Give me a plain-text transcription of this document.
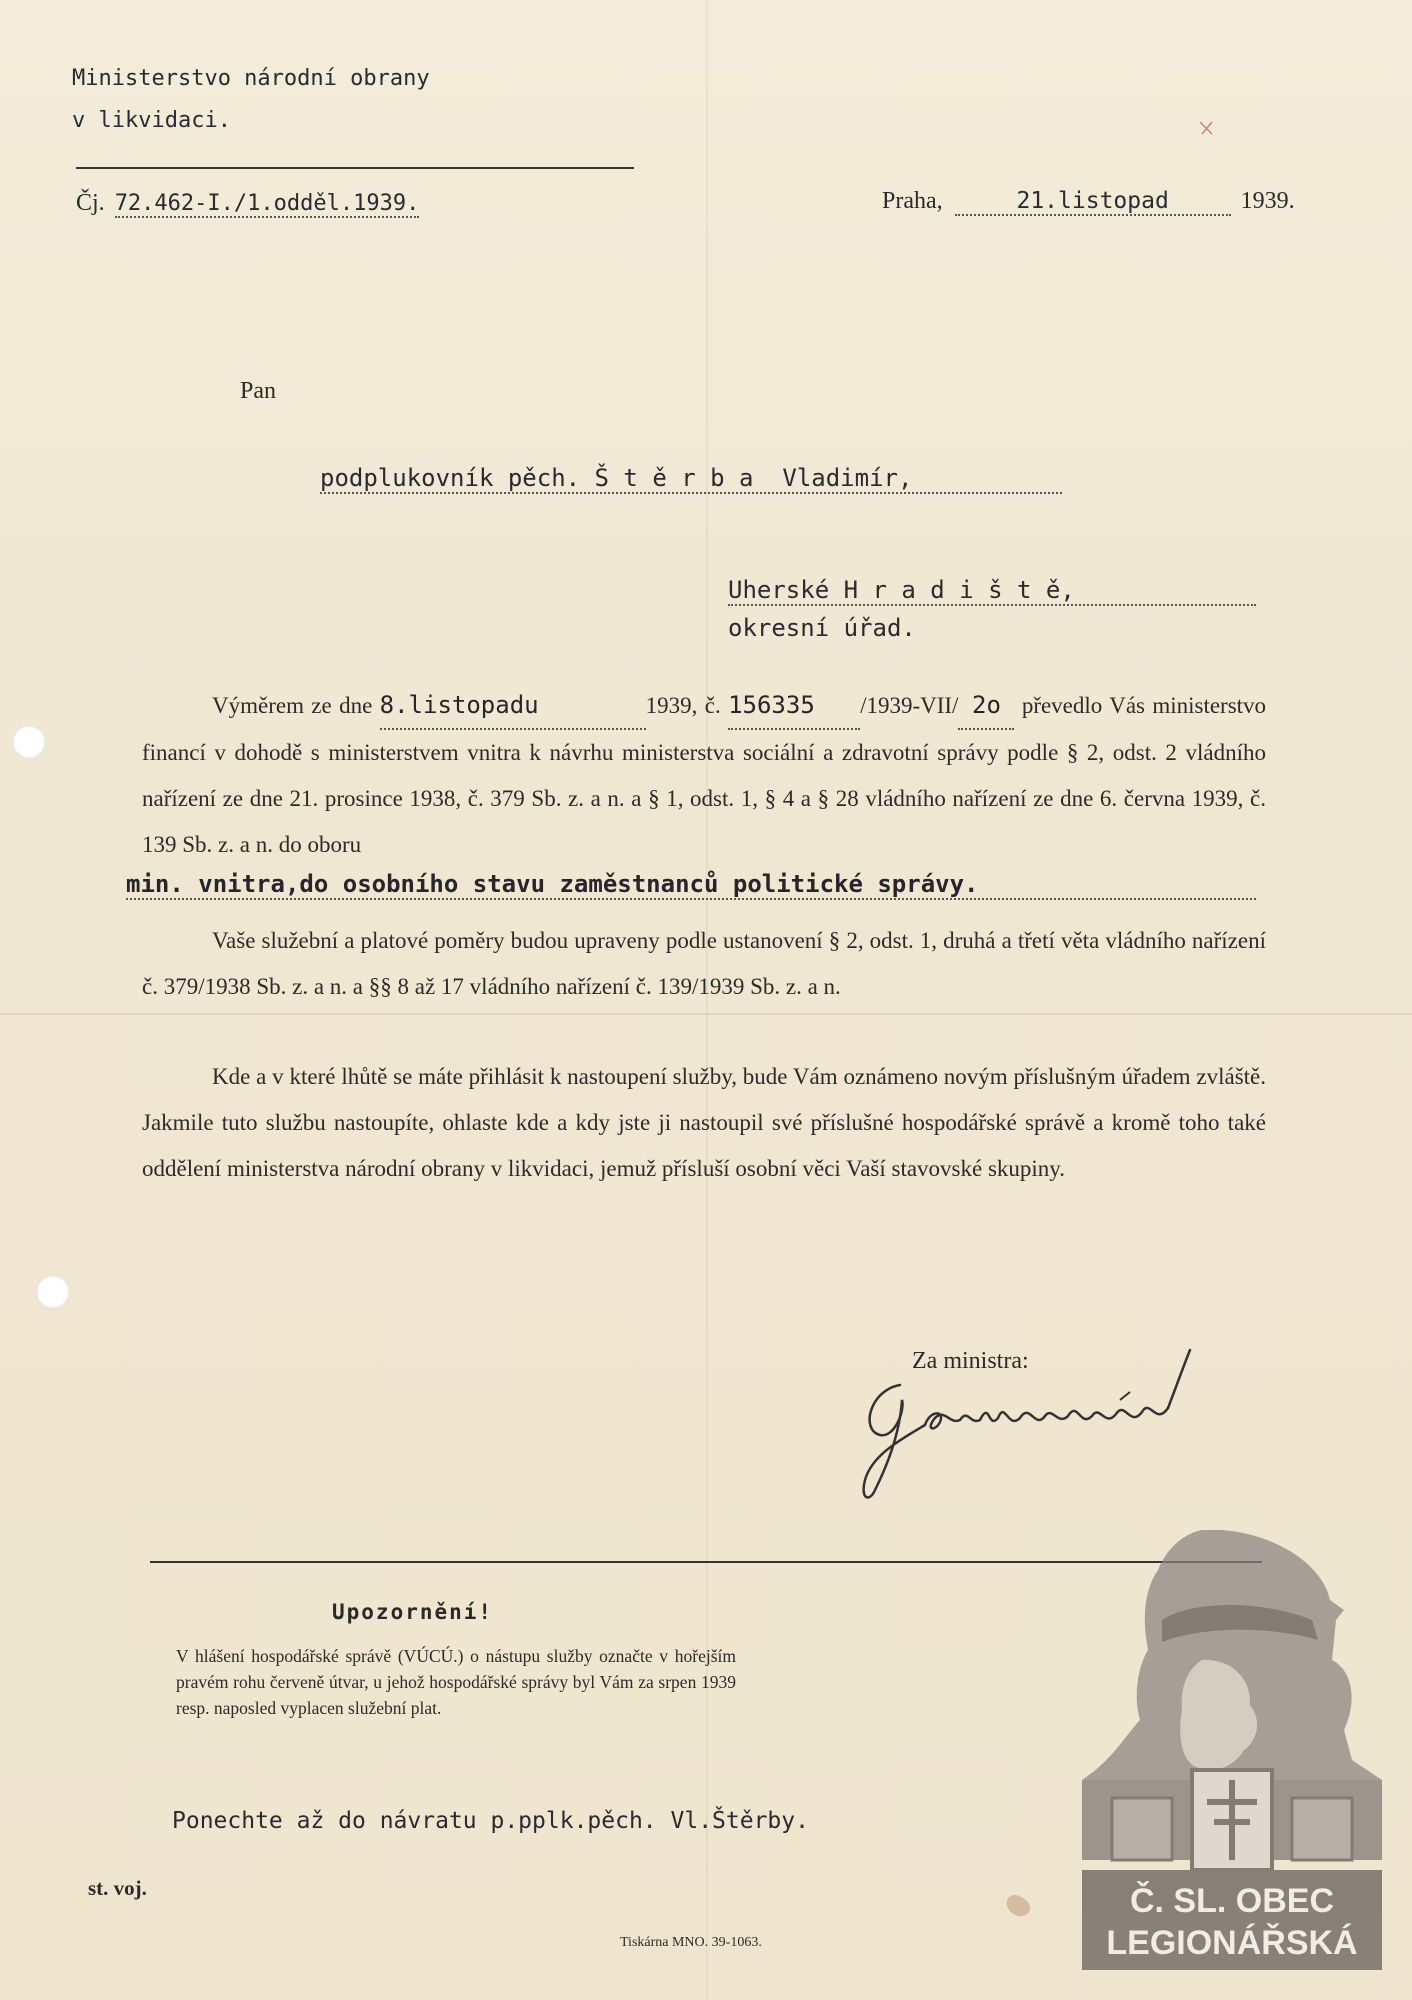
Ministerstvo národní obrany
v likvidaci.
Čj. 72.462-I./1.odděl.1939.	Praha,	21.listopad	1939.
Pan
podplukovník pěch. Š t ě r b a  Vladimír,
Uherské H r a d i š t ě,
okresní úřad.
Výměrem ze dne 8.listopadu	1939, č. 156335 /1939-VII/ 2o převedlo Vás ministerstvo financí v dohodě s ministerstvem vnitra k návrhu ministerstva sociální a zdravotní správy podle § 2, odst. 2 vládního nařízení ze dne 21. prosince 1938, č. 379 Sb. z. a n. a § 1, odst. 1, § 4 a § 28 vládního nařízení ze dne 6. června 1939, č. 139 Sb. z. a n. do oboru
min. vnitra,do osobního stavu zaměstnanců politické správy.
Vaše služební a platové poměry budou upraveny podle ustanovení § 2, odst. 1, druhá a třetí věta vládního nařízení č. 379/1938 Sb. z. a n. a §§ 8 až 17 vládního nařízení č. 139/1939 Sb. z. a n.
Kde a v které lhůtě se máte přihlásit k nastoupení služby, bude Vám oznámeno novým příslušným úřadem zvláště. Jakmile tuto službu nastoupíte, ohlaste kde a kdy jste ji nastoupil své příslušné hospodářské správě a kromě toho také oddělení ministerstva národní obrany v likvidaci, jemuž přísluší osobní věci Vaší stavovské skupiny.
Za ministra:
Upozornění!
V hlášení hospodářské správě (VÚCÚ.) o nástupu služby označte v hořejším pravém rohu červeně útvar, u jehož hospodářské správy byl Vám za srpen 1939 resp. naposled vyplacen služební plat.
Ponechte až do návratu p.pplk.pěch. Vl.Štěrby.
st. voj.
Tiskárna MNO. 39-1063.
Č. SL. OBEC
LEGIONÁŘSKÁ
